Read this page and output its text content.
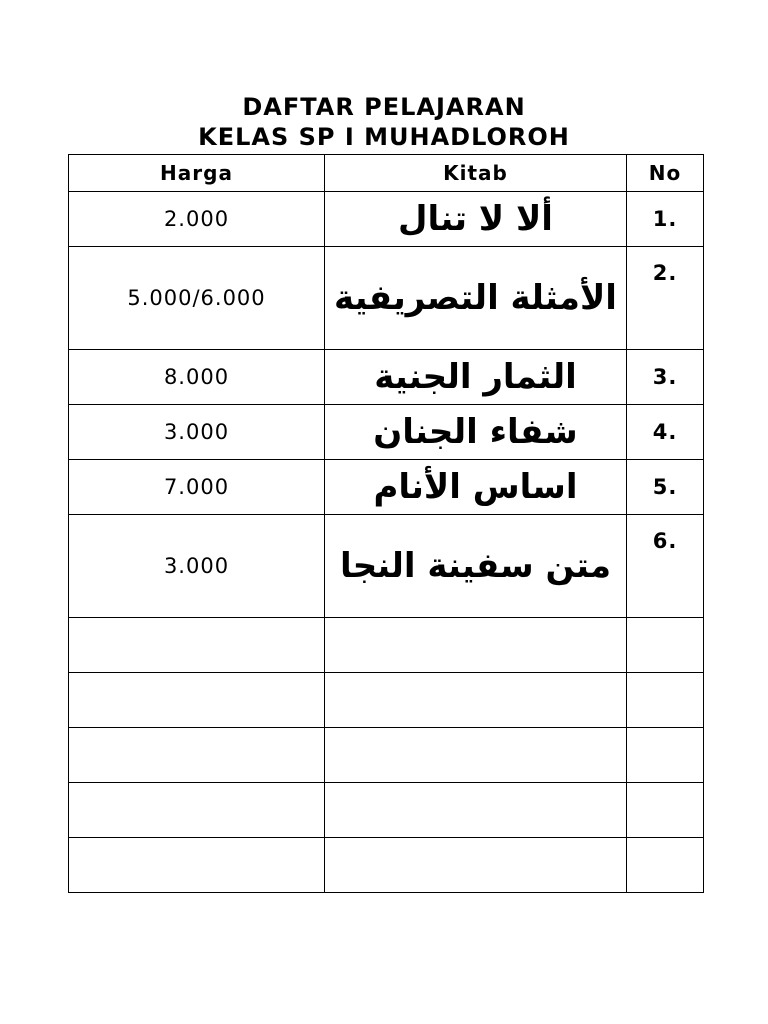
DAFTAR PELAJARAN
KELAS SP I MUHADLOROH
Harga	Kitab	No
2.000	ألا لا تنال	1.
5.000/6.000	الأمثلة التصريفية	2.
8.000	الثمار الجنية	3.
3.000	شفاء الجنان	4.
7.000	اساس الأنام	5.
3.000	متن سفينة النجا	6.
